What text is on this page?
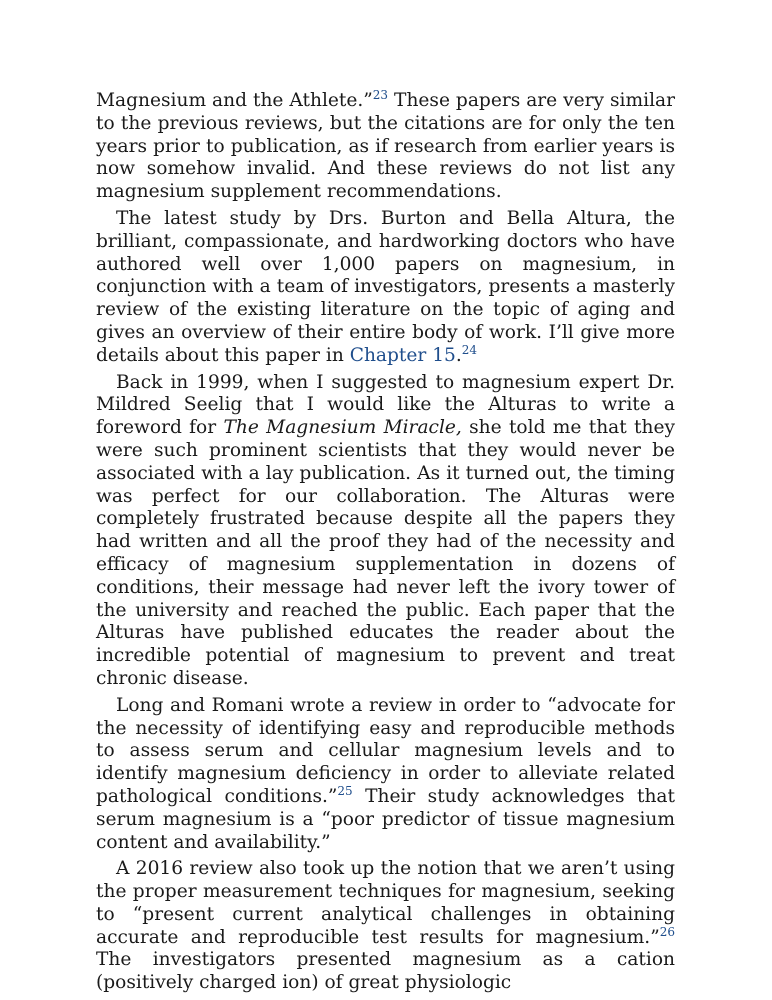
Magnesium and the Athlete.”$^{23}$ These papers are very similar to the previous reviews, but the citations are for only the ten years prior to publication, as if research from earlier years is now somehow invalid. And these reviews do not list any magnesium supplement recommendations.

The latest study by Drs. Burton and Bella Altura, the brilliant, compassionate, and hardworking doctors who have authored well over 1,000 papers on magnesium, in conjunction with a team of investigators, presents a masterly review of the existing literature on the topic of aging and gives an overview of their entire body of work. I’ll give more details about this paper in Chapter 15.24

Back in 1999, when I suggested to magnesium expert Dr. Mildred Seelig that I would like the Alturas to write a foreword for The Magnesium Miracle, she told me that they were such prominent scientists that they would never be associated with a lay publication. As it turned out, the timing was perfect for our collaboration. The Alturas were completely frustrated because despite all the papers they had written and all the proof they had of the necessity and efficacy of magnesium supplementation in dozens of conditions, their message had never left the ivory tower of the university and reached the public. Each paper that the Alturas have published educates the reader about the incredible potential of magnesium to prevent and treat chronic disease.

Long and Romani wrote a review in order to “advocate for the necessity of identifying easy and reproducible methods to assess serum and cellular magnesium levels and to identify magnesium deficiency in order to alleviate related pathological conditions.”$^{25}$ Their study acknowledges that serum magnesium is a “poor predictor of tissue magnesium content and availability.”

A 2016 review also took up the notion that we aren’t using the proper measurement techniques for magnesium, seeking to “present current analytical challenges in obtaining accurate and reproducible test results for magnesium.”$^{26}$ The investigators presented magnesium as a cation (positively charged ion) of great physiologic
